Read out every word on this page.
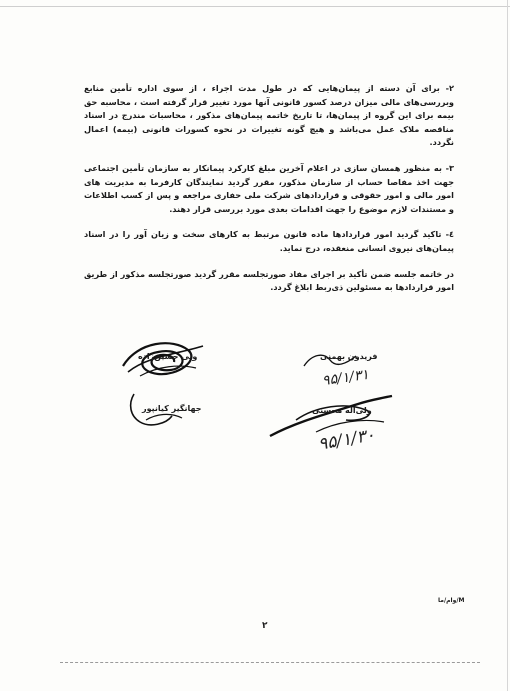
۲- برای آن دسته از پیمان‌هایی که در طول مدت اجراء ، از سوی اداره تأمین منابع وبررسی‌های مالی میزان درصد کسور قانونی آنها مورد تغییر قرار گرفته است ، محاسبه حق بیمه برای این گروه از پیمان‌ها، تا تاریخ خاتمه پیمان‌های مذکور ، محاسبات مندرج در اسناد مناقصه ملاک عمل می‌باشد و هیچ گونه تغییرات در نحوه کسورات قانونی (بیمه) اعمال نگردد.

۳- به منظور همسان سازی در اعلام آخرین مبلغ کارکرد پیمانکار به سازمان تأمین اجتماعی جهت اخذ مفاصا حساب از سازمان مذکور، مقرر گردید نمایندگان کارفرما به مدیریت های امور مالی و امور حقوقی و قراردادهای شرکت ملی حفاری مراجعه و پس از کسب اطلاعات و مستندات لازم موضوع را جهت اقدامات بعدی مورد بررسی قرار دهند.

٤- تاکید گردید امور قراردادها ماده قانون مرتبط به کارهای سخت و زیان آور را در اسناد پیمان‌های نیروی انسانی منعقده، درج نماید.

در خاتمه جلسه ضمن تأکید بر اجرای مفاد صورتجلسه مقرر گردید صورتجلسه مذکور از طریق امور قراردادها به مسئولین ذی‌ربط ابلاغ گردد.

ولی حسین‌زاده
جهانگیر کیانپور
فریدون بهمنی
ولی‌اله محسنی
۹۵/۱/۳۱
۹۵/۱/۳۰
وام/ما/M
۲
